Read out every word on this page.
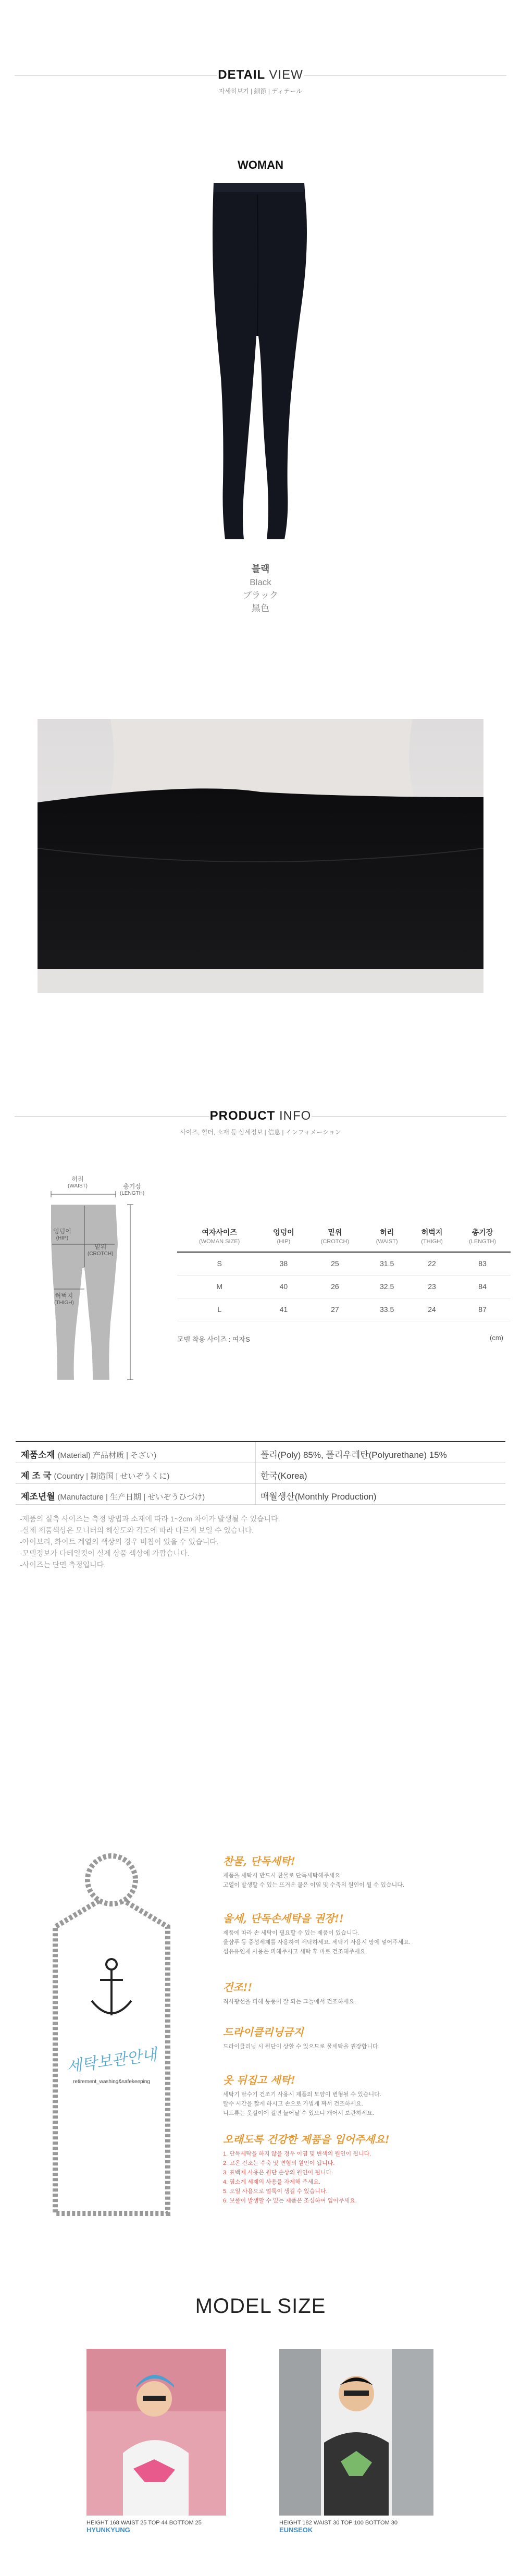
DETAIL VIEW
자세히보기 | 細節 | ディテール
WOMAN
블랙
Black
ブラック
黑色
PRODUCT INFO
사이즈, 혈더, 소재 등 상세정보 | 信息 | インフォメーション
허리
(WAIST)	총기장
(LENGTH)
엉덩이
(HIP)
밑위
(CROTCH)
허벅지
(THIGH)
여자사이즈
(WOMAN SIZE)	엉덩이
(HIP)	밑위
(CROTCH)	허리
(WAIST)	허벅지
(THIGH)	총기장
(LENGTH)

S	38	25	31.5	22	83
M	40	26	32.5	23	84
L	41	27	33.5	24	87
모델 착용 사이즈 : 여자S	(cm)
제품소재 (Material) 产品材质 | そざい)	폴리(Poly) 85%, 폴리우레탄(Polyurethane) 15%
제 조 국 (Country | 制造国 | せいぞうくに)	한국(Korea)
제조년월 (Manufacture | 生产日期 | せいぞうひづけ)	매월생산(Monthly Production)
-제품의 실측 사이즈는 측정 방법과 소재에 따라 1~2cm 차이가 발생될 수 있습니다.
-실제 제품색상은 모니터의 해상도와 각도에 따라 다르게 보일 수 있습니다.
-아이보리, 화이트 계열의 색상의 경우 비침이 있을 수 있습니다.
-모델정보가 다테일컷이 실제 상품 색상에 가깝습니다.
-사이즈는 단면 측정입니다.
세탁보관안내
retirement_washing&safekeeping
찬물, 단독세탁!
제품을 세탁시 반드시 찬물로 단독세탁해주세요
고열이 발생할 수 있는 뜨거운 물은 이염 및 수축의 원인이 될 수 있습니다.
울세, 단독손세탁을 권장!!
제품에 따라 손 세탁이 필요할 수 있는 제품이 있습니다.
울샴푸 등 중성세제를 사용하여 세탁하세요. 세탁기 사용시 망에 넣어주세요.
섬유유연제 사용은 피해주시고 세탁 후 바로 건조해주세요.
건조!!
직사광선을 피해 통풍이 잘 되는 그늘에서 건조하세요.
드라이클리닝금지
드라이클리닝 시 원단이 상할 수 있으므로 물세탁을 권장합니다.
옷 뒤집고 세탁!
세탁기 탈수기 건조기 사용시 제품의 모양이 변형될 수 있습니다.
탈수 시간을 짧게 하시고 손으로 가볍게 짜서 건조하세요.
니트류는 옷걸이에 걸면 늘어날 수 있으니 개어서 보관하세요.
오래도록 건강한 제품을 입어주세요!
1. 단독세탁을 하지 않을 경우 이염 및 변색의 원인이 됩니다.
2. 고온 건조는 수축 및 변형의 원인이 됩니다.
3. 표백제 사용은 원단 손상의 원인이 됩니다.
4. 염소계 세제의 사용을 자제해 주세요.
5. 오일 사용으로 얼룩이 생길 수 있습니다.
6. 보풀이 발생할 수 있는 제품은 조심하여 입어주세요.
MODEL SIZE
HEIGHT 168 WAIST 25 TOP 44 BOTTOM 25
HYUNKYUNG
HEIGHT 182 WAIST 30 TOP 100 BOTTOM 30
EUNSEOK
